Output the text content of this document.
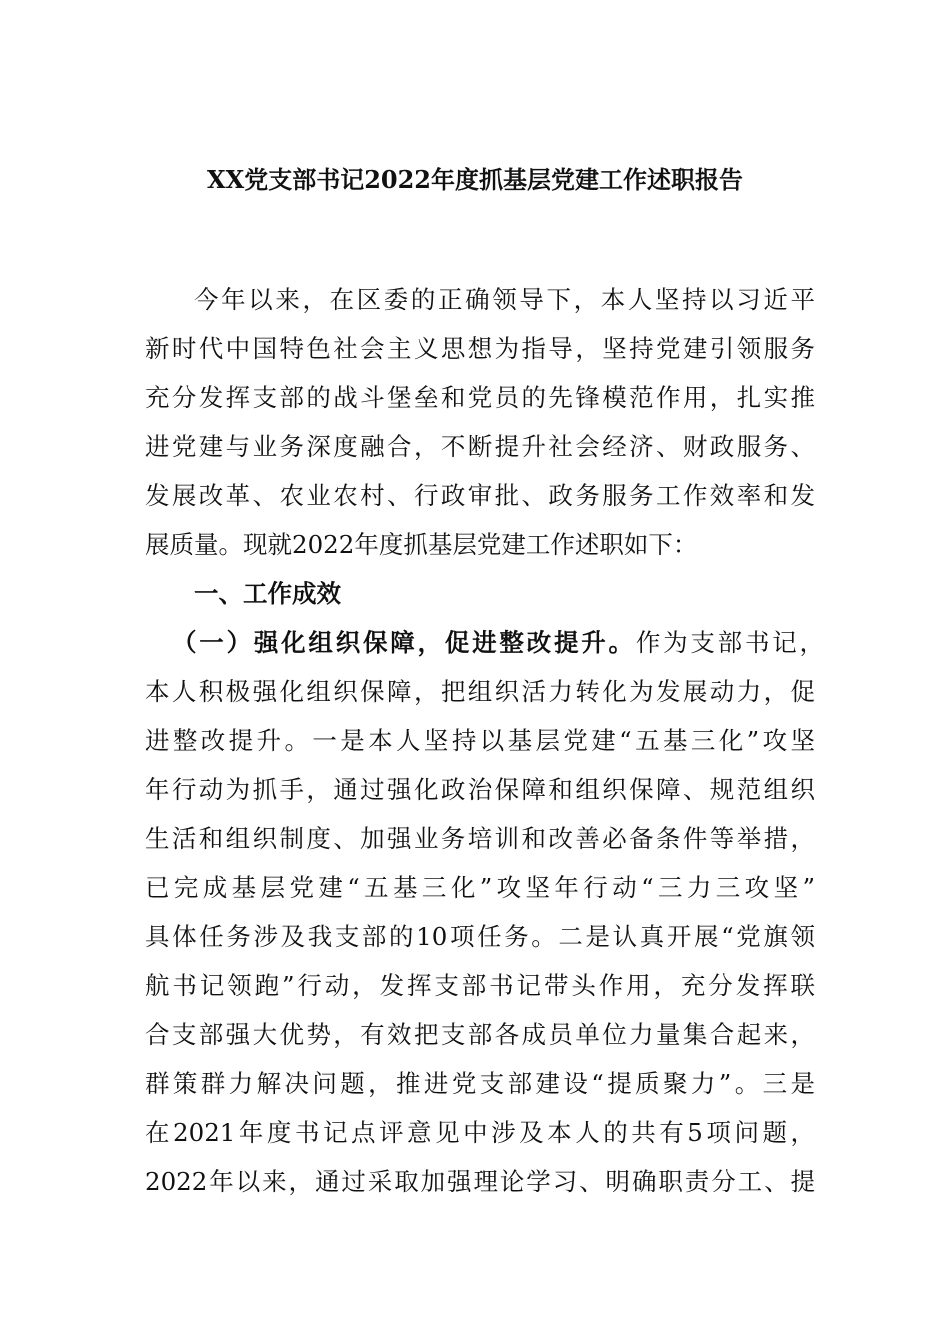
XX党支部书记2022年度抓基层党建工作述职报告
今年以来，在区委的正确领导下，本人坚持以习近平
新时代中国特色社会主义思想为指导，坚持党建引领服务
充分发挥支部的战斗堡垒和党员的先锋模范作用，扎实推
进党建与业务深度融合，不断提升社会经济、财政服务、
发展改革、农业农村、行政审批、政务服务工作效率和发
展质量。现就2022年度抓基层党建工作述职如下：
一、工作成效
（一）强化组织保障，促进整改提升。作为支部书记，
本人积极强化组织保障，把组织活力转化为发展动力，促
进整改提升。一是本人坚持以基层党建“五基三化”攻坚
年行动为抓手，通过强化政治保障和组织保障、规范组织
生活和组织制度、加强业务培训和改善必备条件等举措，
已完成基层党建“五基三化”攻坚年行动“三力三攻坚”
具体任务涉及我支部的10项任务。二是认真开展“党旗领
航书记领跑”行动，发挥支部书记带头作用，充分发挥联
合支部强大优势，有效把支部各成员单位力量集合起来，
群策群力解决问题，推进党支部建设“提质聚力”。三是
在2021年度书记点评意见中涉及本人的共有5项问题，
2022年以来，通过采取加强理论学习、明确职责分工、提
